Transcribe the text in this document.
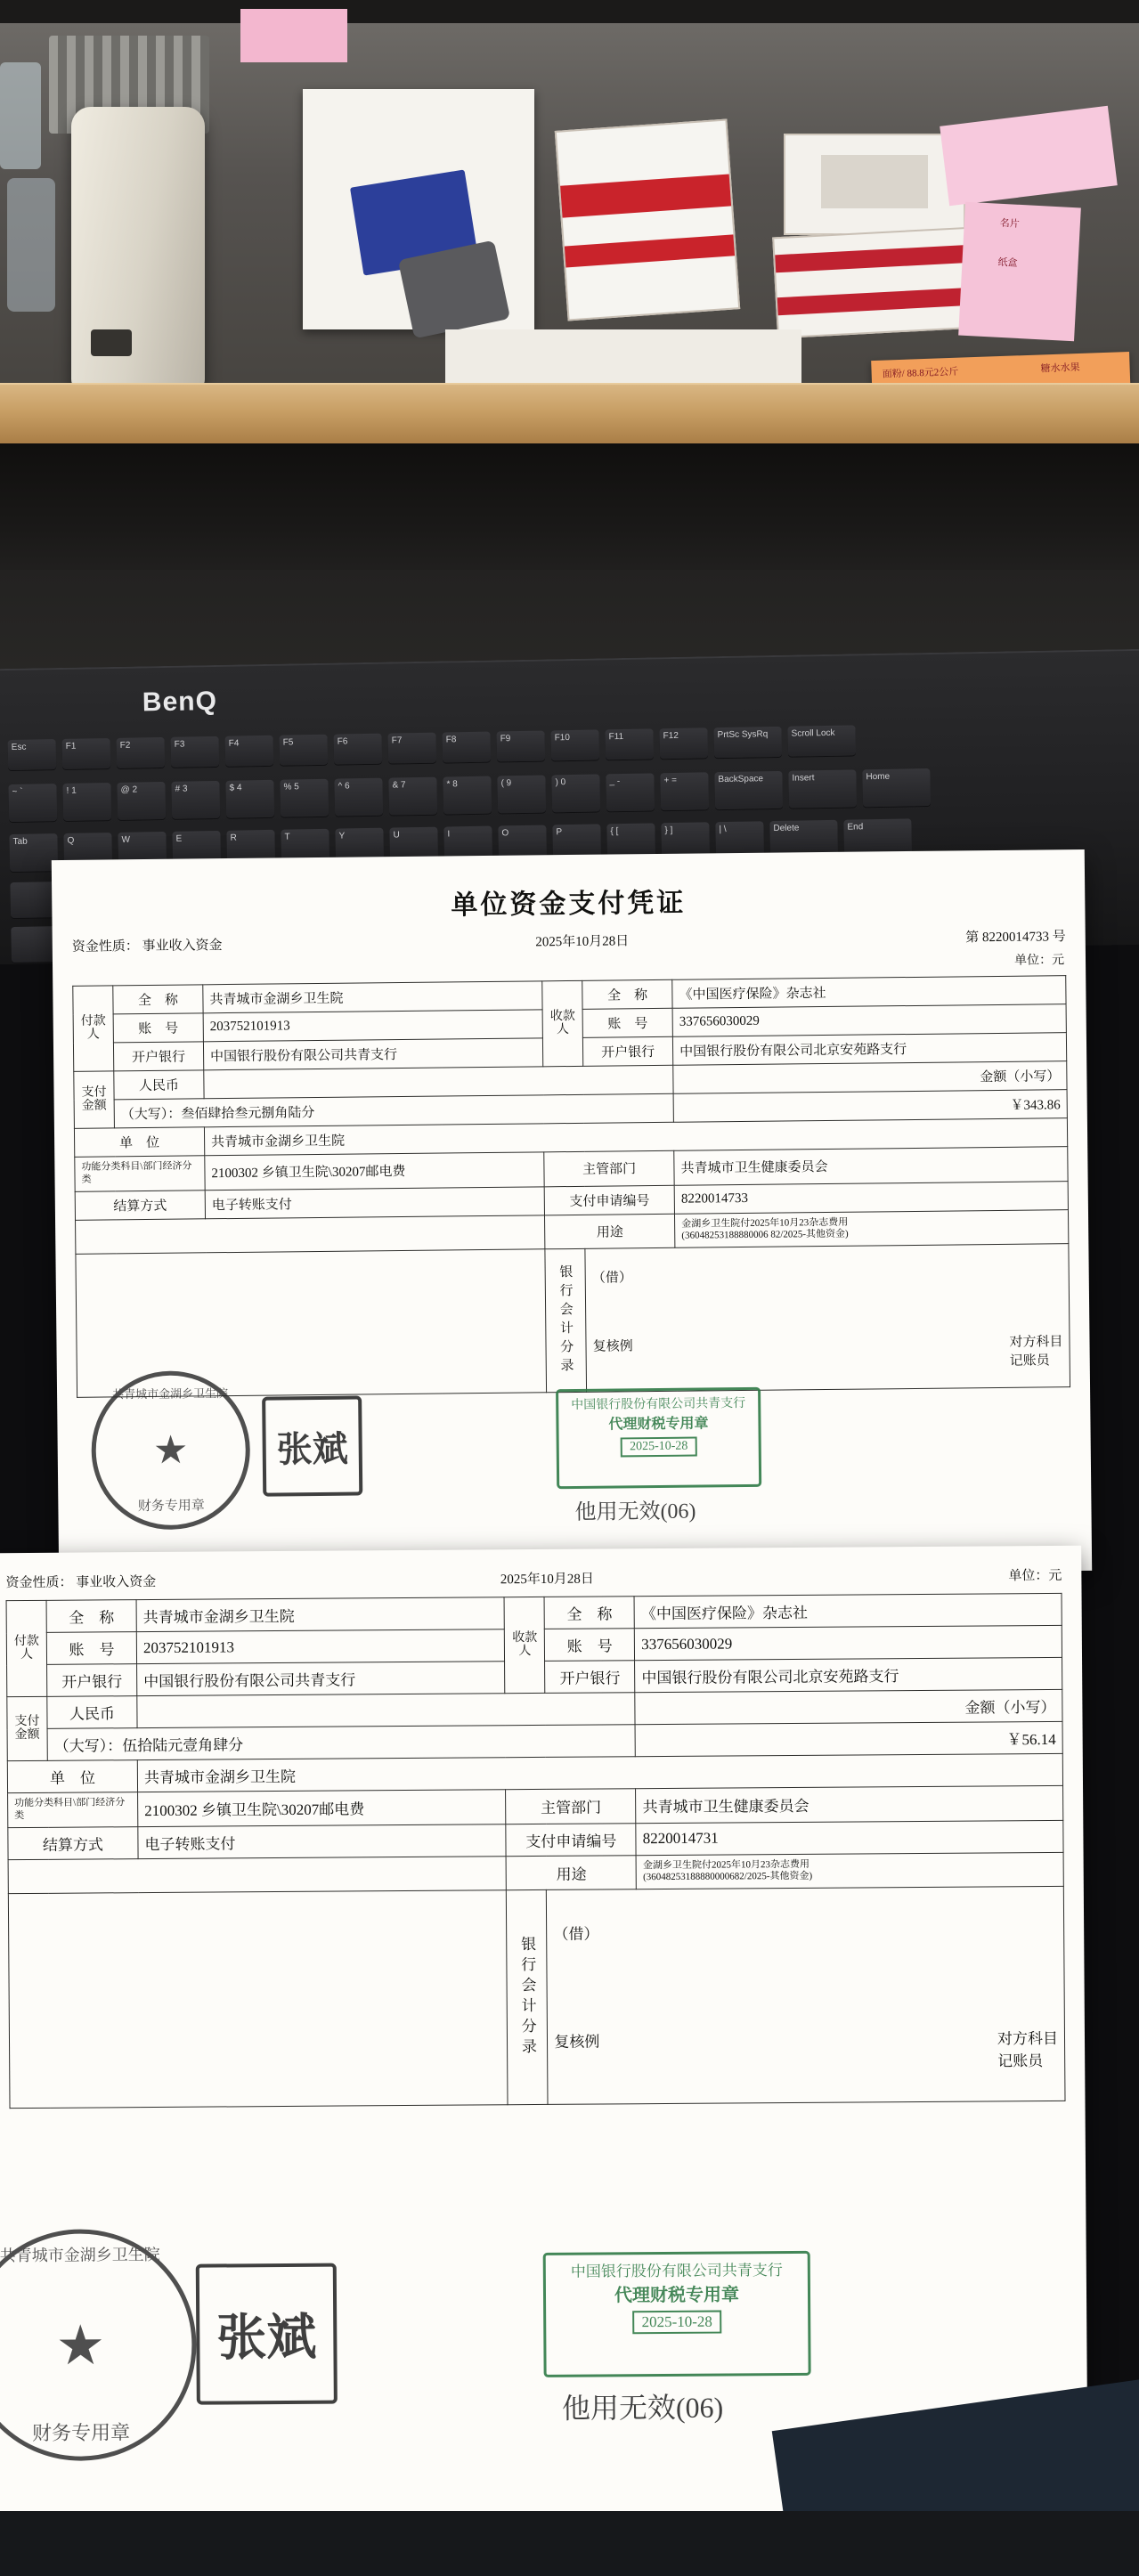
名片
纸盒
面粉/ 88.8元2公斤	糖水水果
BenQ
Esc	F1	F2	F3	F4	F5	F6	F7	F8	F9	F10	F11	F12	PrtSc SysRq	Scroll Lock
~ `	! 1	@ 2	# 3	$ 4	% 5	^ 6	& 7	* 8	( 9	) 0	_ -	+ =	BackSpace	Insert	Home
Tab	Q	W	E	R	T	Y	U	I	O	P	{ [	} ]	| \	Delete	End
单位资金支付凭证
资金性质： 事业收入资金	2025年10月28日	第 8220014733 号
单位：元
付款人	全　称	共青城市金湖乡卫生院	收款人	全　称	《中国医疗保险》杂志社
	账　号	203752101913		账　号	337656030029
	开户银行	中国银行股份有限公司共青支行		开户银行	中国银行股份有限公司北京安苑路支行
支付金额	人民币				金额（小写）
	（大写）：叁佰肆拾叁元捌角陆分				￥343.86
单　位		共青城市金湖乡卫生院			
功能分类科目\部门经济分类		2100302 乡镇卫生院\30207邮电费	主管部门		共青城市卫生健康委员会
结算方式		电子转账支付	支付申请编号		8220014733
			用途		金湖乡卫生院付2025年10月23杂志费用
(36048253188880006 82/2025-其他资金)

			银行会计分录	（借）
复核例 对方科目
记账员	
共青城市金湖乡卫生院
★
财务专用章
张斌
中国银行股份有限公司共青支行
代理财税专用章
2025-10-28
他用无效(06)
资金性质： 事业收入资金	2025年10月28日	单位：元
付款人	全　称	共青城市金湖乡卫生院	收款人	全　称	《中国医疗保险》杂志社
	账　号	203752101913		账　号	337656030029
	开户银行	中国银行股份有限公司共青支行		开户银行	中国银行股份有限公司北京安苑路支行
支付金额	人民币				金额（小写）
	（大写）：伍拾陆元壹角肆分				￥56.14
单　位		共青城市金湖乡卫生院			
功能分类科目\部门经济分类		2100302 乡镇卫生院\30207邮电费	主管部门		共青城市卫生健康委员会
结算方式		电子转账支付	支付申请编号		8220014731
			用途		金湖乡卫生院付2025年10月23杂志费用
(36048253188880000682/2025-其他资金)

			银行会计分录	（借）
复核例 对方科目
记账员	
共青城市金湖乡卫生院
★
财务专用章
张斌
中国银行股份有限公司共青支行
代理财税专用章
2025-10-28
他用无效(06)
